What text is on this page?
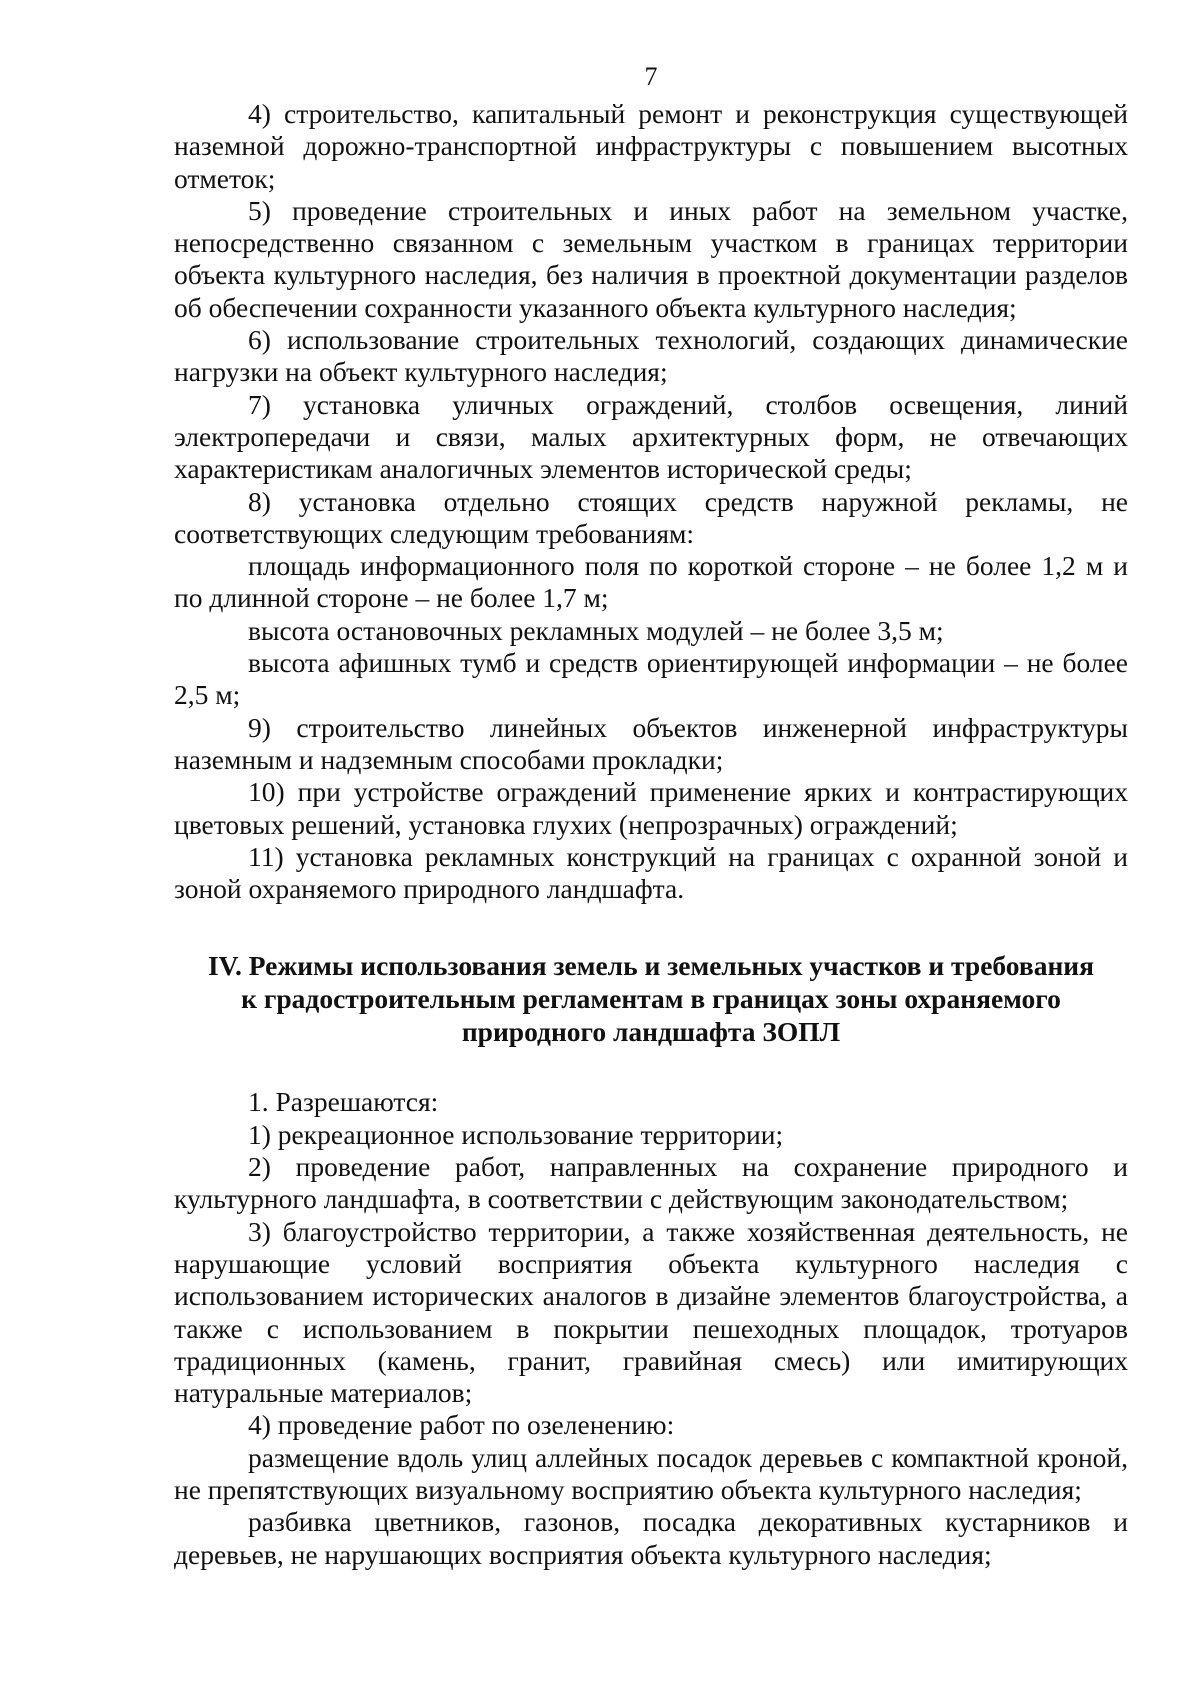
7

4) строительство, капитальный ремонт и реконструкция существующей наземной дорожно-транспортной инфраструктуры с повышением высотных отметок;

5) проведение строительных и иных работ на земельном участке, непосредственно связанном с земельным участком в границах территории объекта культурного наследия, без наличия в проектной документации разделов об обеспечении сохранности указанного объекта культурного наследия;

6) использование строительных технологий, создающих динамические нагрузки на объект культурного наследия;

7) установка уличных ограждений, столбов освещения, линий электропередачи и связи, малых архитектурных форм, не отвечающих характеристикам аналогичных элементов исторической среды;

8) установка отдельно стоящих средств наружной рекламы, не соответствующих следующим требованиям:

площадь информационного поля по короткой стороне – не более 1,2 м и по длинной стороне – не более 1,7 м;

высота остановочных рекламных модулей – не более 3,5 м;

высота афишных тумб и средств ориентирующей информации – не более 2,5 м;

9) строительство линейных объектов инженерной инфраструктуры наземным и надземным способами прокладки;

10) при устройстве ограждений применение ярких и контрастирующих цветовых решений, установка глухих (непрозрачных) ограждений;

11) установка рекламных конструкций на границах с охранной зоной и зоной охраняемого природного ландшафта.

IV. Режимы использования земель и земельных участков и требования
к градостроительным регламентам в границах зоны охраняемого
природного ландшафта ЗОПЛ

1. Разрешаются:

1) рекреационное использование территории;

2) проведение работ, направленных на сохранение природного и культурного ландшафта, в соответствии с действующим законодательством;

3) благоустройство территории, а также хозяйственная деятельность, не нарушающие условий восприятия объекта культурного наследия с использованием исторических аналогов в дизайне элементов благоустройства, а также с использованием в покрытии пешеходных площадок, тротуаров традиционных (камень, гранит, гравийная смесь) или имитирующих натуральные материалов;

4) проведение работ по озеленению:

размещение вдоль улиц аллейных посадок деревьев с компактной кроной, не препятствующих визуальному восприятию объекта культурного наследия;

разбивка цветников, газонов, посадка декоративных кустарников и деревьев, не нарушающих восприятия объекта культурного наследия;
